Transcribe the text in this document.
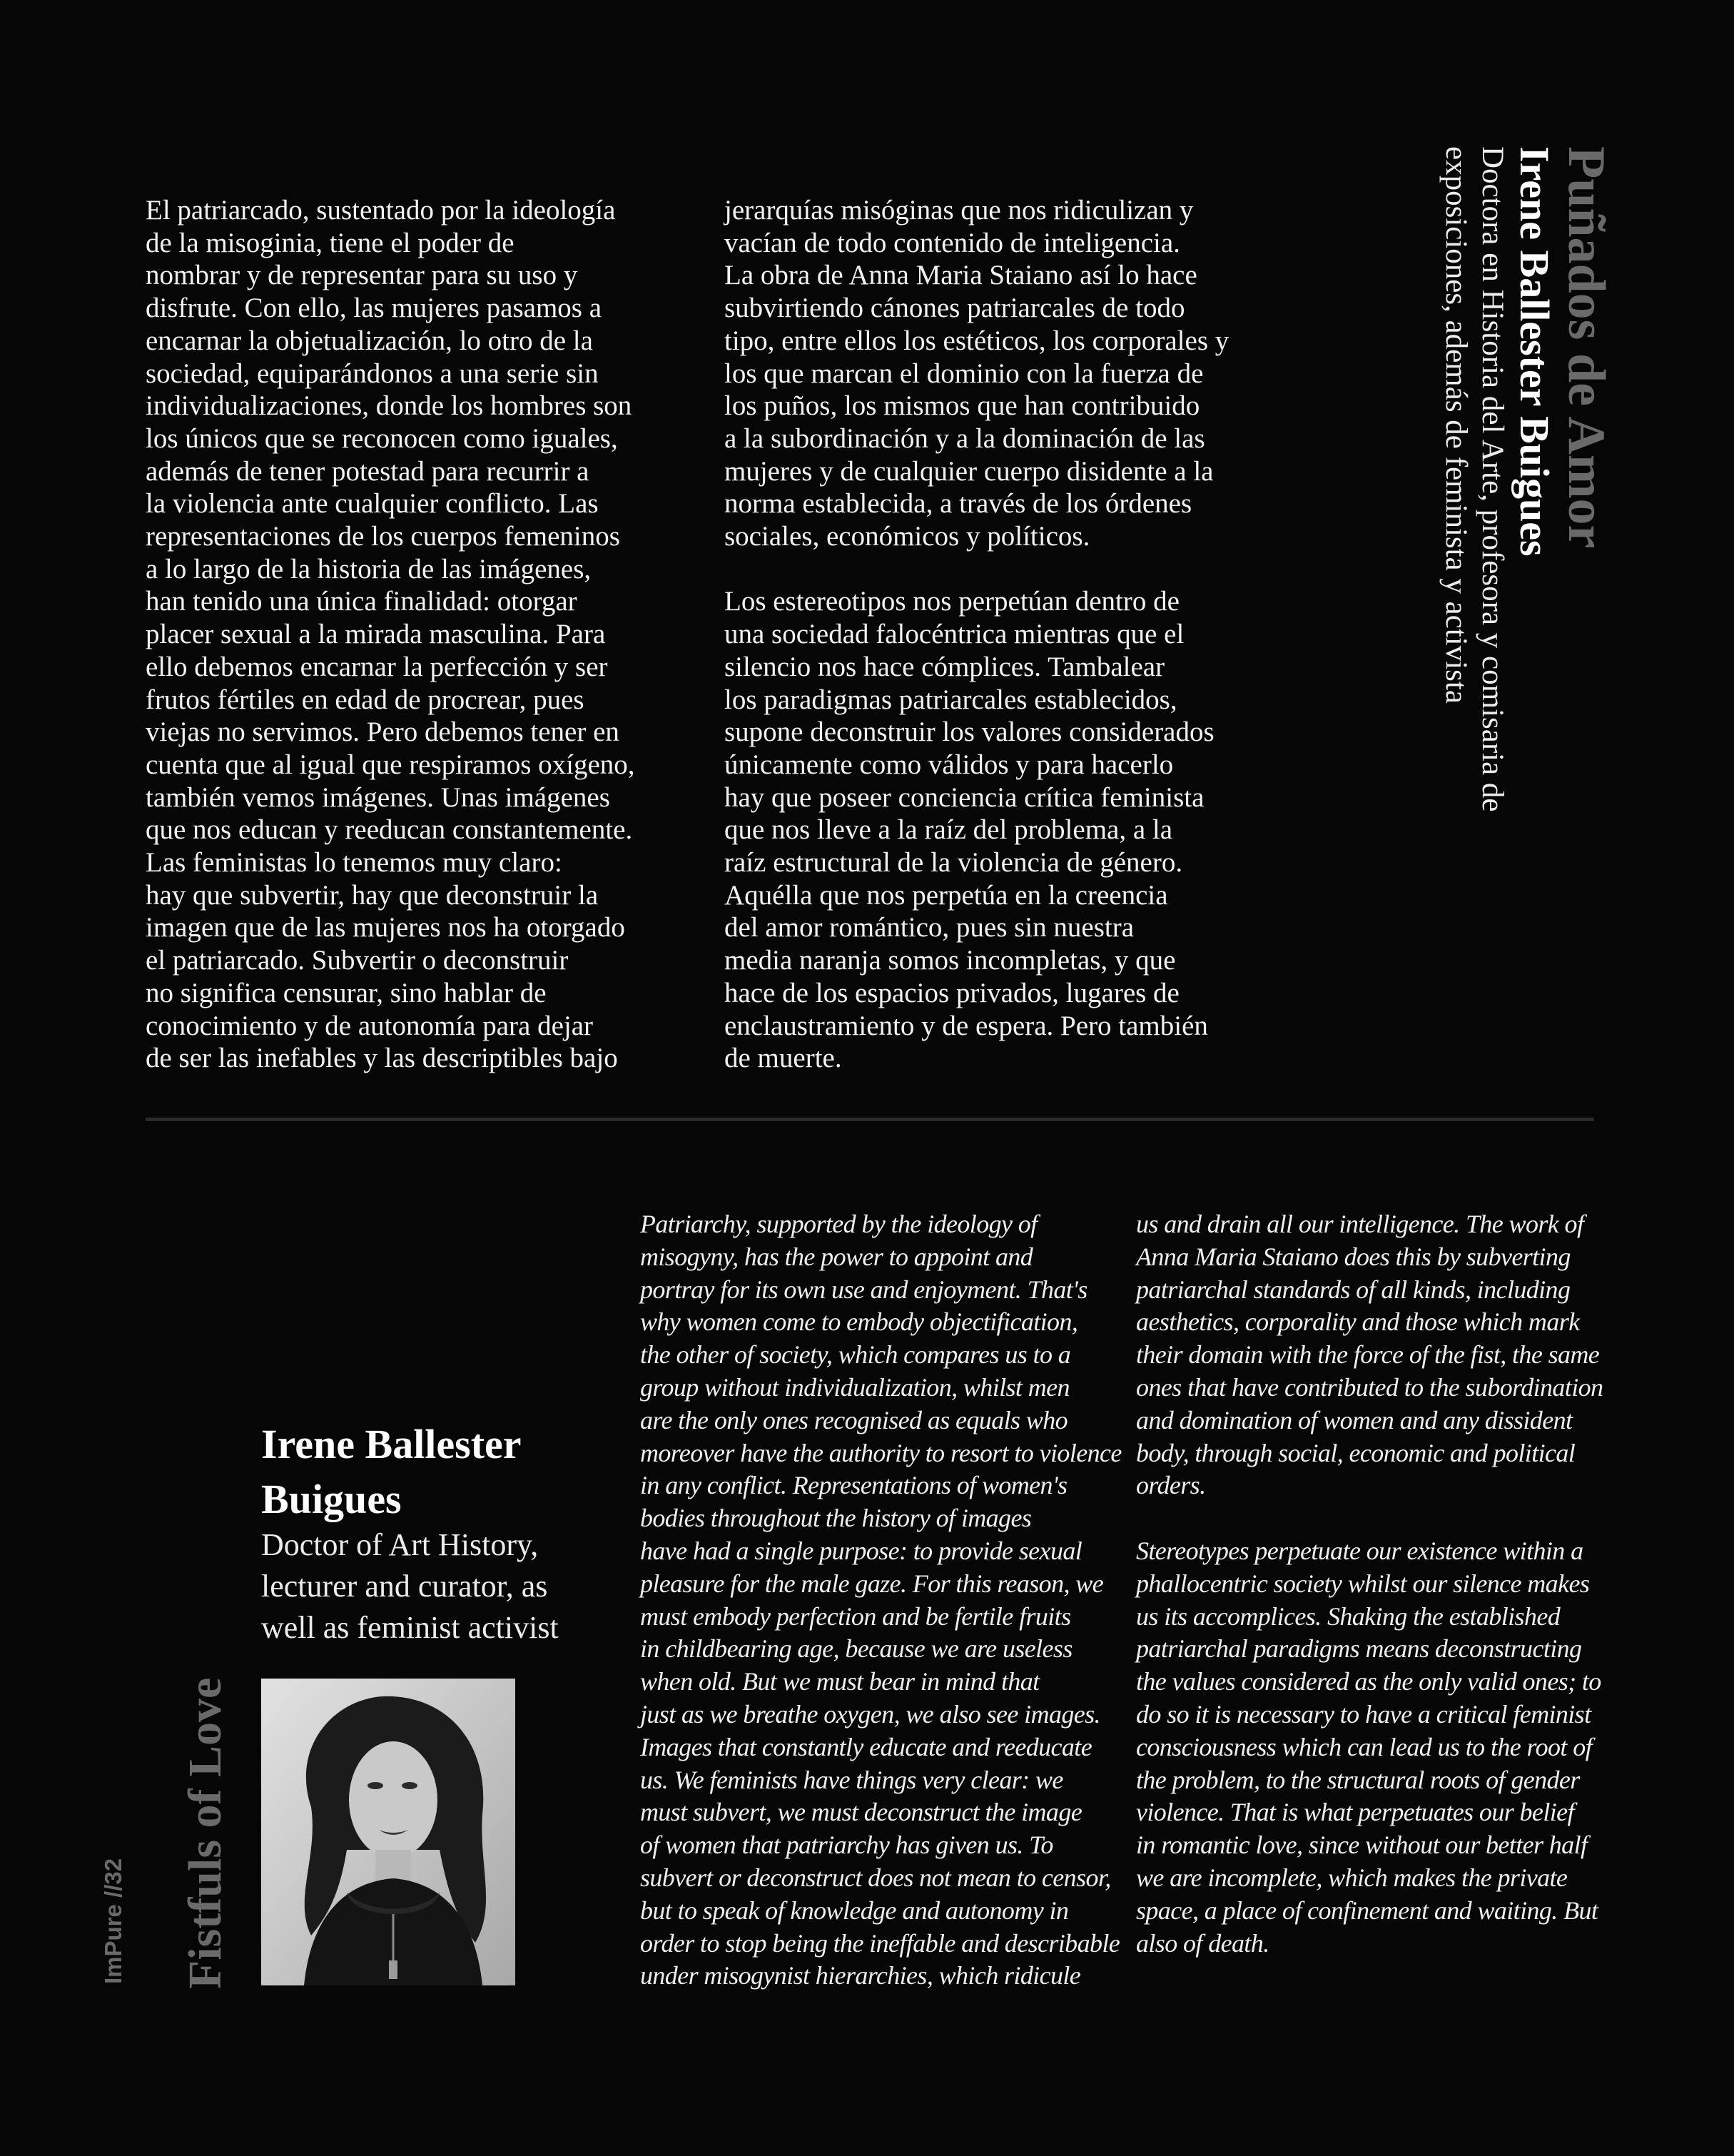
El patriarcado, sustentado por la ideología
de la misoginia, tiene el poder de
nombrar y de representar para su uso y
disfrute. Con ello, las mujeres pasamos a
encarnar la objetualización, lo otro de la
sociedad, equiparándonos a una serie sin
individualizaciones, donde los hombres son
los únicos que se reconocen como iguales,
además de tener potestad para recurrir a
la violencia ante cualquier conflicto. Las
representaciones de los cuerpos femeninos
a lo largo de la historia de las imágenes,
han tenido una única finalidad: otorgar
placer sexual a la mirada masculina. Para
ello debemos encarnar la perfección y ser
frutos fértiles en edad de procrear, pues
viejas no servimos. Pero debemos tener en
cuenta que al igual que respiramos oxígeno,
también vemos imágenes. Unas imágenes
que nos educan y reeducan constantemente.
Las feministas lo tenemos muy claro:
hay que subvertir, hay que deconstruir la
imagen que de las mujeres nos ha otorgado
el patriarcado. Subvertir o deconstruir
no significa censurar, sino hablar de
conocimiento y de autonomía para dejar
de ser las inefables y las descriptibles bajo

jerarquías misóginas que nos ridiculizan y
vacían de todo contenido de inteligencia.
La obra de Anna Maria Staiano así lo hace
subvirtiendo cánones patriarcales de todo
tipo, entre ellos los estéticos, los corporales y
los que marcan el dominio con la fuerza de
los puños, los mismos que han contribuido
a la subordinación y a la dominación de las
mujeres y de cualquier cuerpo disidente a la
norma establecida, a través de los órdenes
sociales, económicos y políticos.

Los estereotipos nos perpetúan dentro de
una sociedad falocéntrica mientras que el
silencio nos hace cómplices. Tambalear
los paradigmas patriarcales establecidos,
supone deconstruir los valores considerados
únicamente como válidos y para hacerlo
hay que poseer conciencia crítica feminista
que nos lleve a la raíz del problema, a la
raíz estructural de la violencia de género.
Aquélla que nos perpetúa en la creencia
del amor romántico, pues sin nuestra
media naranja somos incompletas, y que
hace de los espacios privados, lugares de
enclaustramiento y de espera. Pero también
de muerte.

Puñados de Amor

Irene Ballester Buigues

Doctora en Historia del Arte, profesora y comisaria de
exposiciones, además de feminista y activista

Irene Ballester
Buigues

Doctor of Art History,
lecturer and curator, as
well as feminist activist

Fistfuls of Love

ImPure //32

Patriarchy, supported by the ideology of
misogyny, has the power to appoint and
portray for its own use and enjoyment. That's
why women come to embody objectification,
the other of society, which compares us to a
group without individualization, whilst men
are the only ones recognised as equals who
moreover have the authority to resort to violence
in any conflict. Representations of women's
bodies throughout the history of images
have had a single purpose: to provide sexual
pleasure for the male gaze. For this reason, we
must embody perfection and be fertile fruits
in childbearing age, because we are useless
when old. But we must bear in mind that
just as we breathe oxygen, we also see images.
Images that constantly educate and reeducate
us. We feminists have things very clear: we
must subvert, we must deconstruct the image
of women that patriarchy has given us. To
subvert or deconstruct does not mean to censor,
but to speak of knowledge and autonomy in
order to stop being the ineffable and describable
under misogynist hierarchies, which ridicule

us and drain all our intelligence. The work of
Anna Maria Staiano does this by subverting
patriarchal standards of all kinds, including
aesthetics, corporality and those which mark
their domain with the force of the fist, the same
ones that have contributed to the subordination
and domination of women and any dissident
body, through social, economic and political
orders.

Stereotypes perpetuate our existence within a
phallocentric society whilst our silence makes
us its accomplices. Shaking the established
patriarchal paradigms means deconstructing
the values considered as the only valid ones; to
do so it is necessary to have a critical feminist
consciousness which can lead us to the root of
the problem, to the structural roots of gender
violence. That is what perpetuates our belief
in romantic love, since without our better half
we are incomplete, which makes the private
space, a place of confinement and waiting. But
also of death.
